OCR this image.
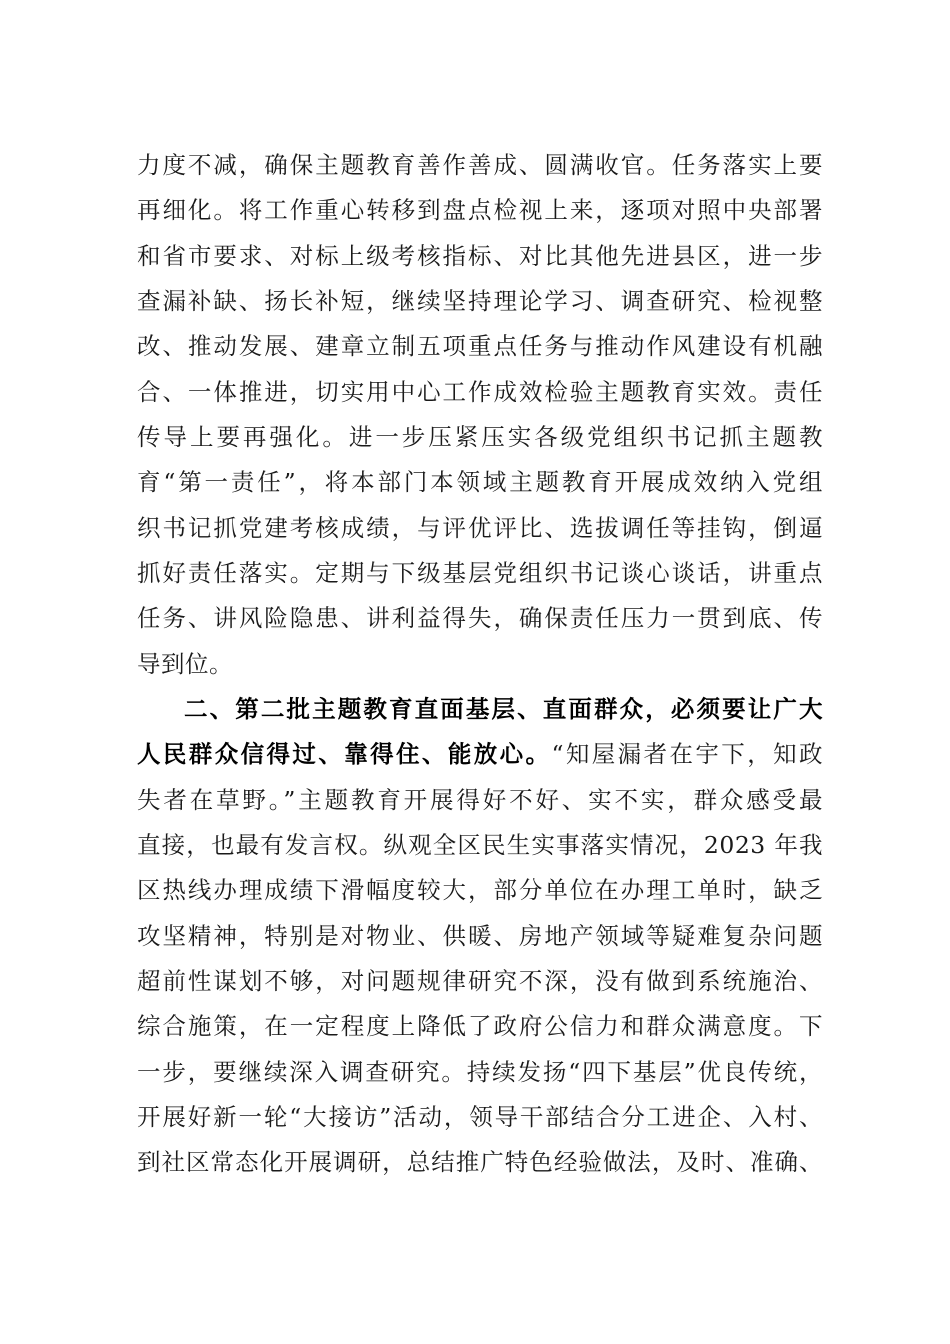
力度不减，确保主题教育善作善成、圆满收官。任务落实上要
再细化。将工作重心转移到盘点检视上来，逐项对照中央部署
和省市要求、对标上级考核指标、对比其他先进县区，进一步
查漏补缺、扬长补短，继续坚持理论学习、调查研究、检视整
改、推动发展、建章立制五项重点任务与推动作风建设有机融
合、一体推进，切实用中心工作成效检验主题教育实效。责任
传导上要再强化。进一步压紧压实各级党组织书记抓主题教
育“第一责任”，将本部门本领域主题教育开展成效纳入党组
织书记抓党建考核成绩，与评优评比、选拔调任等挂钩，倒逼
抓好责任落实。定期与下级基层党组织书记谈心谈话，讲重点
任务、讲风险隐患、讲利益得失，确保责任压力一贯到底、传
导到位。
二、第二批主题教育直面基层、直面群众，必须要让广大
人民群众信得过、靠得住、能放心。“知屋漏者在宇下，知政
失者在草野。”主题教育开展得好不好、实不实，群众感受最
直接，也最有发言权。纵观全区民生实事落实情况，2023 年我
区热线办理成绩下滑幅度较大，部分单位在办理工单时，缺乏
攻坚精神，特别是对物业、供暖、房地产领域等疑难复杂问题
超前性谋划不够，对问题规律研究不深，没有做到系统施治、
综合施策，在一定程度上降低了政府公信力和群众满意度。下
一步，要继续深入调查研究。持续发扬“四下基层”优良传统，
开展好新一轮“大接访”活动，领导干部结合分工进企、入村、
到社区常态化开展调研，总结推广特色经验做法，及时、准确、
